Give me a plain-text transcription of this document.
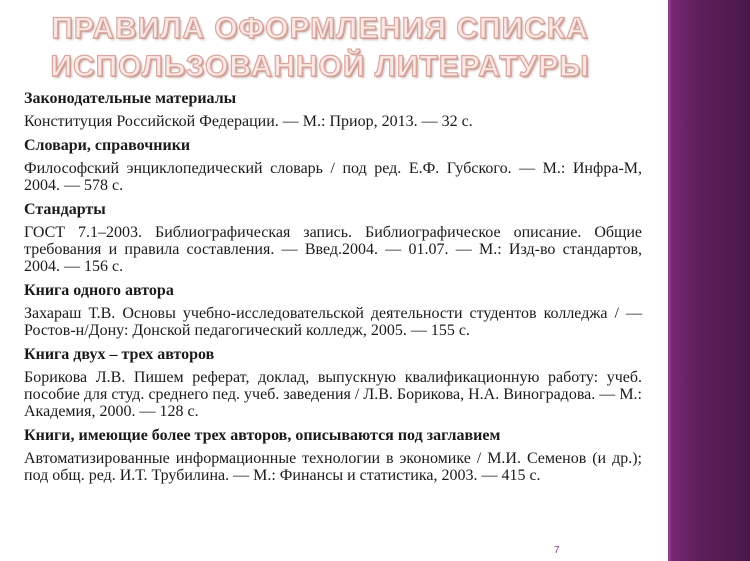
ПРАВИЛА ОФОРМЛЕНИЯ СПИСКА
ИСПОЛЬЗОВАННОЙ ЛИТЕРАТУРЫ

Законодательные материалы

Конституция Российской Федерации. — М.: Приор, 2013. — 32 с.

Словари, справочники

Философский энциклопедический словарь / под ред. Е.Ф. Губского. — М.: Инфра-М, 2004. — 578 с.

Стандарты

ГОСТ 7.1–2003. Библиографическая запись. Библиографическое описание. Общие требования и правила составления. — Введ.2004. — 01.07. — М.: Изд-во стандартов, 2004. — 156 с.

Книга одного автора

Захараш Т.В. Основы учебно-исследовательской деятельности студентов колледжа / — Ростов-н/Дону: Донской педагогический колледж, 2005. — 155 с.

Книга двух – трех авторов

Борикова Л.В. Пишем реферат, доклад, выпускную квалификационную работу: учеб. пособие для студ. среднего пед. учеб. заведения / Л.В. Борикова, Н.А. Виноградова. — М.: Академия, 2000. — 128 с.

Книги, имеющие более трех авторов, описываются под заглавием

Автоматизированные информационные технологии в экономике / М.И. Семенов (и др.); под общ. ред. И.Т. Трубилина. — М.: Финансы и статистика, 2003. — 415 с.

7
